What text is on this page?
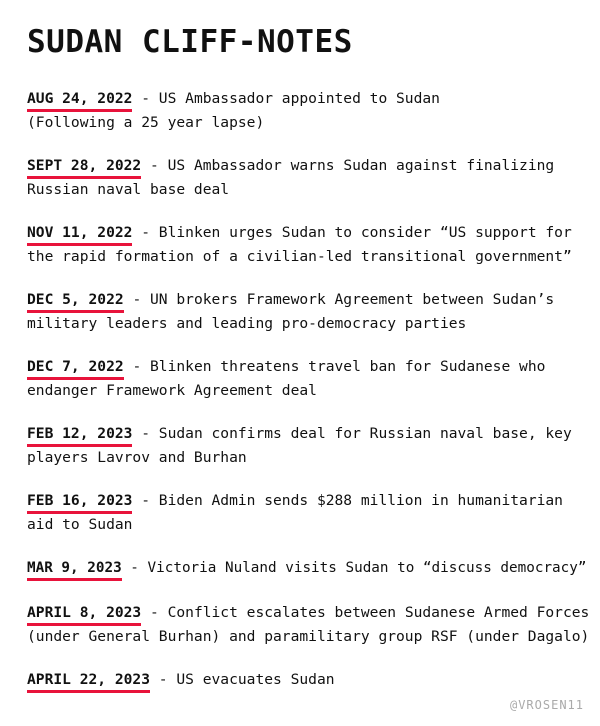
SUDAN CLIFF-NOTES
AUG 24, 2022 - US Ambassador appointed to Sudan
(Following a 25 year lapse)
SEPT 28, 2022 - US Ambassador warns Sudan against finalizing
Russian naval base deal
NOV 11, 2022 - Blinken urges Sudan to consider “US support for
the rapid formation of a civilian-led transitional government”
DEC 5, 2022 - UN brokers Framework Agreement between Sudan’s
military leaders and leading pro-democracy parties
DEC 7, 2022 - Blinken threatens travel ban for Sudanese who
endanger Framework Agreement deal
FEB 12, 2023 - Sudan confirms deal for Russian naval base, key
players Lavrov and Burhan
FEB 16, 2023 - Biden Admin sends $288 million in humanitarian
aid to Sudan
MAR 9, 2023 - Victoria Nuland visits Sudan to “discuss democracy”
APRIL 8, 2023 - Conflict escalates between Sudanese Armed Forces
(under General Burhan) and paramilitary group RSF (under Dagalo)
APRIL 22, 2023 - US evacuates Sudan
@VROSEN11
